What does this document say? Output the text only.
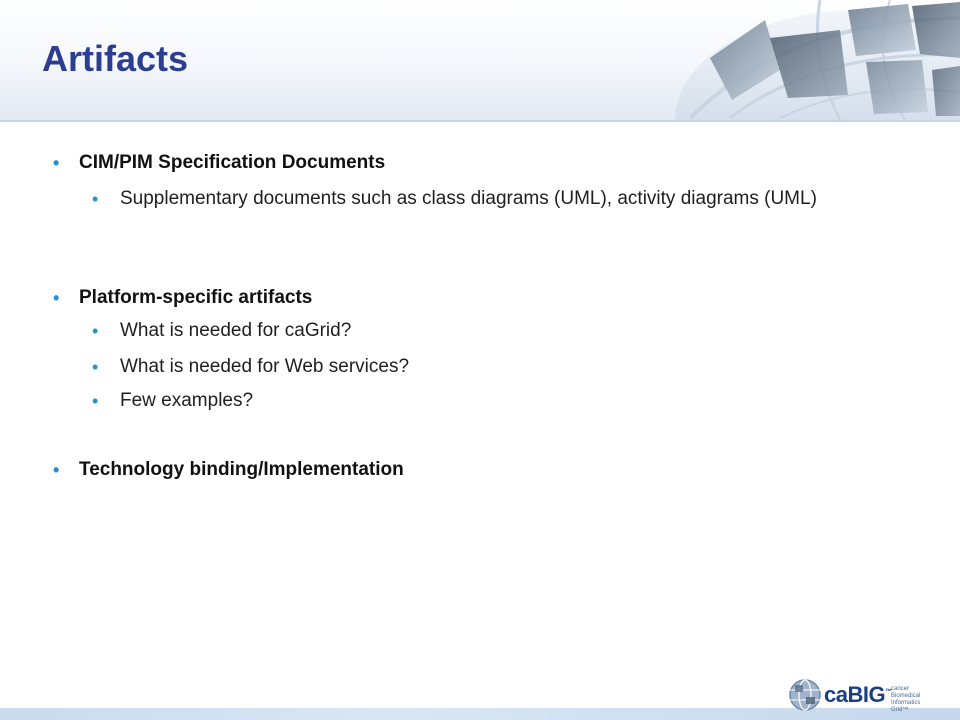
Artifacts
• CIM/PIM Specification Documents
• Supplementary documents such as class diagrams (UML), activity diagrams (UML)
• Platform-specific artifacts
• What is needed for caGrid?
• What is needed for Web services?
• Few examples?
• Technology binding/Implementation
caBIG™ cancer Biomedical Informatics Grid™
